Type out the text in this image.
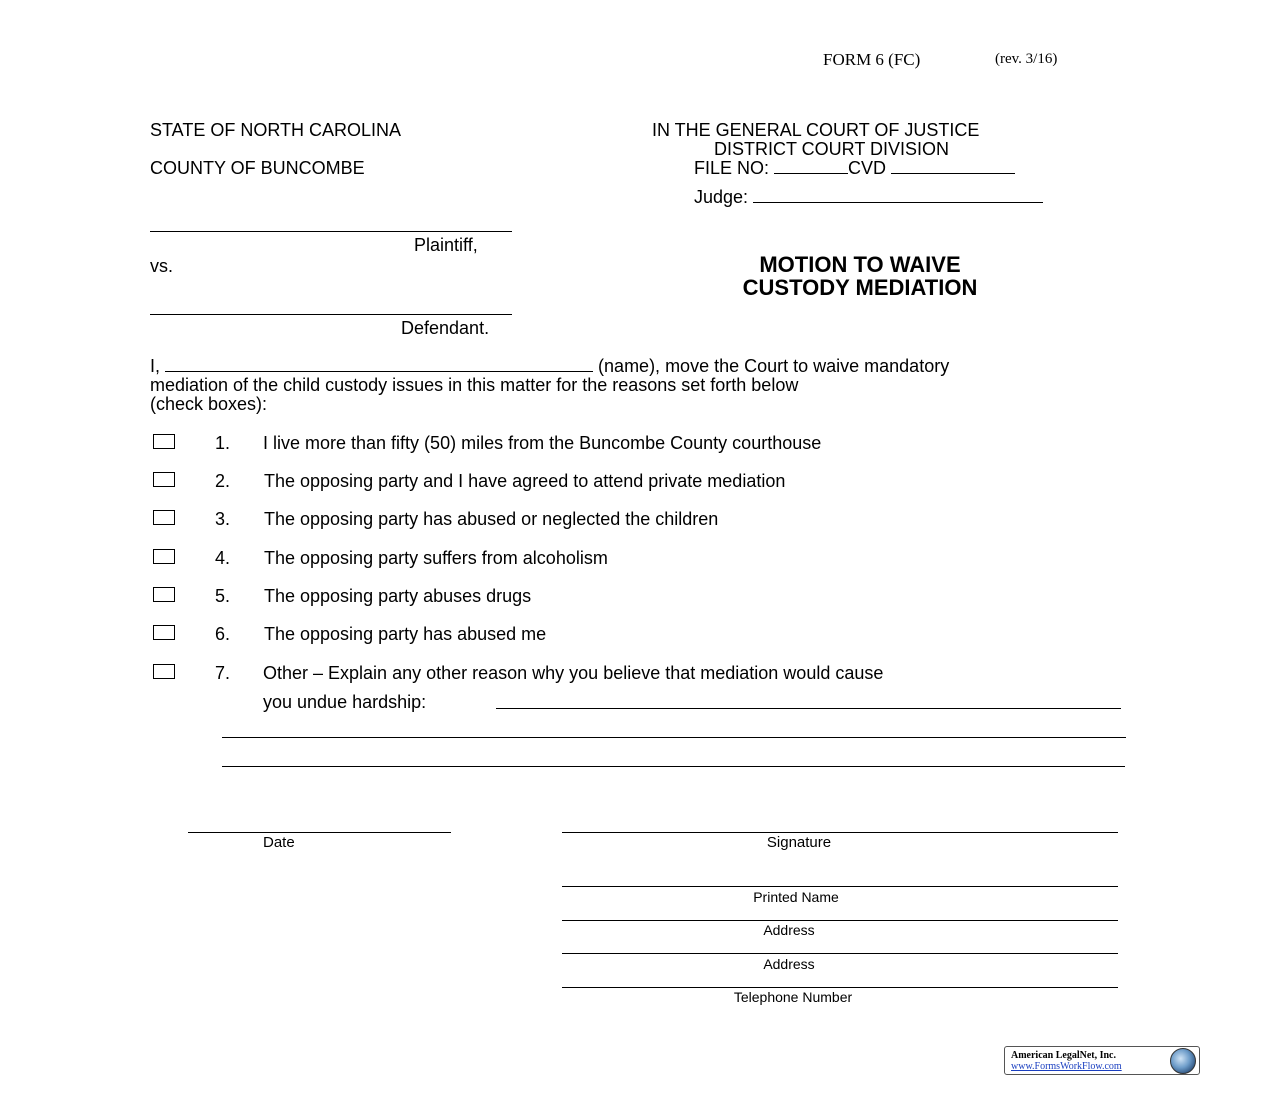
FORM 6 (FC)	(rev. 3/16)
STATE OF NORTH CAROLINA
COUNTY OF BUNCOMBE
IN THE GENERAL COURT OF JUSTICE
DISTRICT COURT DIVISION
FILE NO:	CVD
Judge:
Plaintiff,
vs.
Defendant.
MOTION TO WAIVE
CUSTODY MEDIATION
I,	(name), move the Court to waive mandatory
mediation of the child custody issues in this matter for the reasons set forth below
(check boxes):
1. I live more than fifty (50) miles from the Buncombe County courthouse
2. The opposing party and I have agreed to attend private mediation
3. The opposing party has abused or neglected the children
4. The opposing party suffers from alcoholism
5. The opposing party abuses drugs
6. The opposing party has abused me
7. Other – Explain any other reason why you believe that mediation would cause
you undue hardship:
Date	Signature
Printed Name
Address
Address
Telephone Number
American LegalNet, Inc.
www.FormsWorkFlow.com
